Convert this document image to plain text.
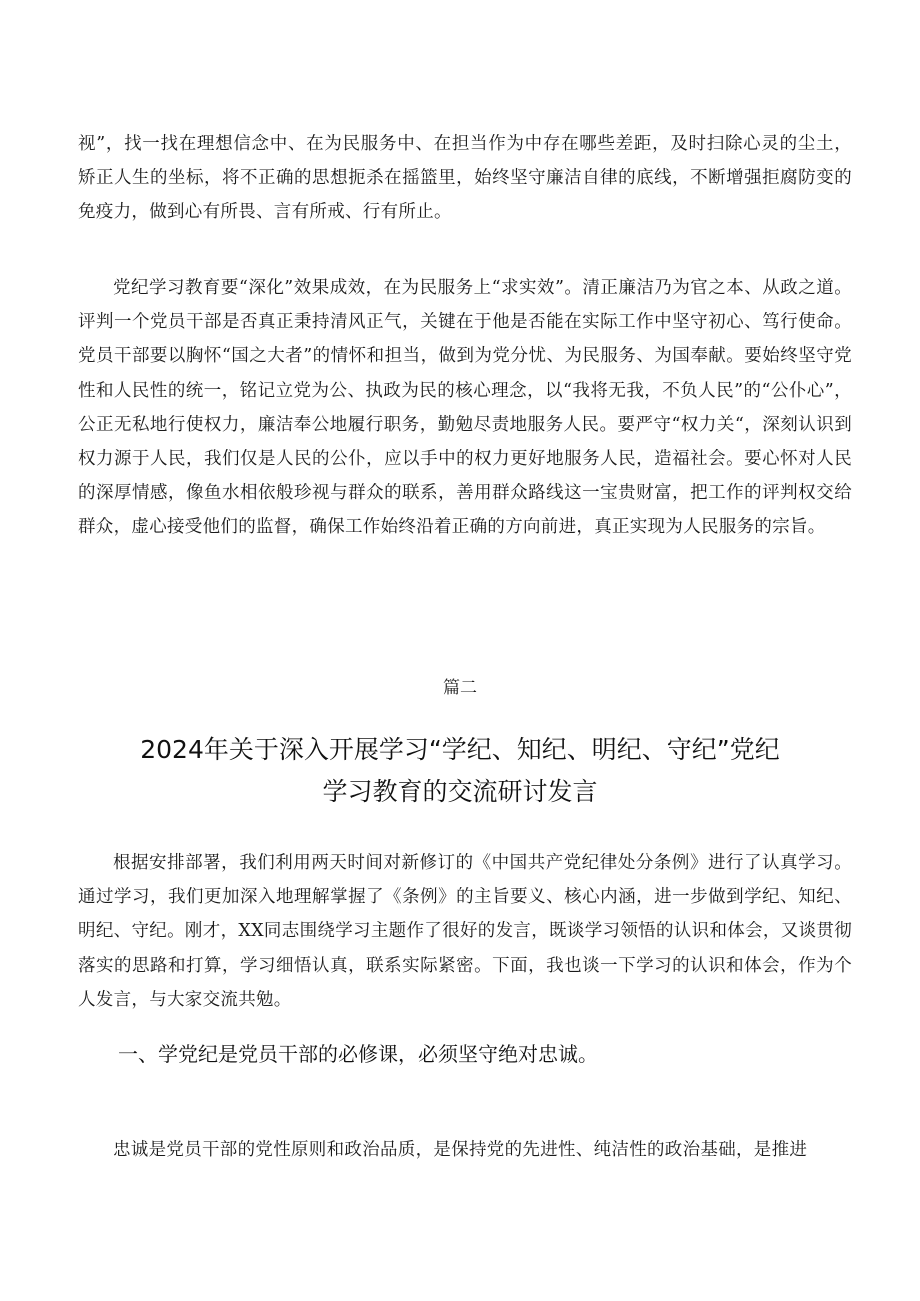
视”，找一找在理想信念中、在为民服务中、在担当作为中存在哪些差距，及时扫除心灵的尘土，矫正人生的坐标，将不正确的思想扼杀在摇篮里，始终坚守廉洁自律的底线，不断增强拒腐防变的免疫力，做到心有所畏、言有所戒、行有所止。

党纪学习教育要“深化”效果成效，在为民服务上“求实效”。清正廉洁乃为官之本、从政之道。评判一个党员干部是否真正秉持清风正气，关键在于他是否能在实际工作中坚守初心、笃行使命。党员干部要以胸怀“国之大者”的情怀和担当，做到为党分忧、为民服务、为国奉献。要始终坚守党性和人民性的统一，铭记立党为公、执政为民的核心理念，以“我将无我，不负人民”的“公仆心”，公正无私地行使权力，廉洁奉公地履行职务，勤勉尽责地服务人民。要严守“权力关“，深刻认识到权力源于人民，我们仅是人民的公仆，应以手中的权力更好地服务人民，造福社会。要心怀对人民的深厚情感，像鱼水相依般珍视与群众的联系，善用群众路线这一宝贵财富，把工作的评判权交给群众，虚心接受他们的监督，确保工作始终沿着正确的方向前进，真正实现为人民服务的宗旨。

篇二

2024年关于深入开展学习“学纪、知纪、明纪、守纪”党纪
学习教育的交流研讨发言

根据安排部署，我们利用两天时间对新修订的《中国共产党纪律处分条例》进行了认真学习。通过学习，我们更加深入地理解掌握了《条例》的主旨要义、核心内涵，进一步做到学纪、知纪、明纪、守纪。刚才，XX同志围绕学习主题作了很好的发言，既谈学习领悟的认识和体会，又谈贯彻落实的思路和打算，学习细悟认真，联系实际紧密。下面，我也谈一下学习的认识和体会，作为个人发言，与大家交流共勉。

一、学党纪是党员干部的必修课，必须坚守绝对忠诚。

忠诚是党员干部的党性原则和政治品质，是保持党的先进性、纯洁性的政治基础，是推进
